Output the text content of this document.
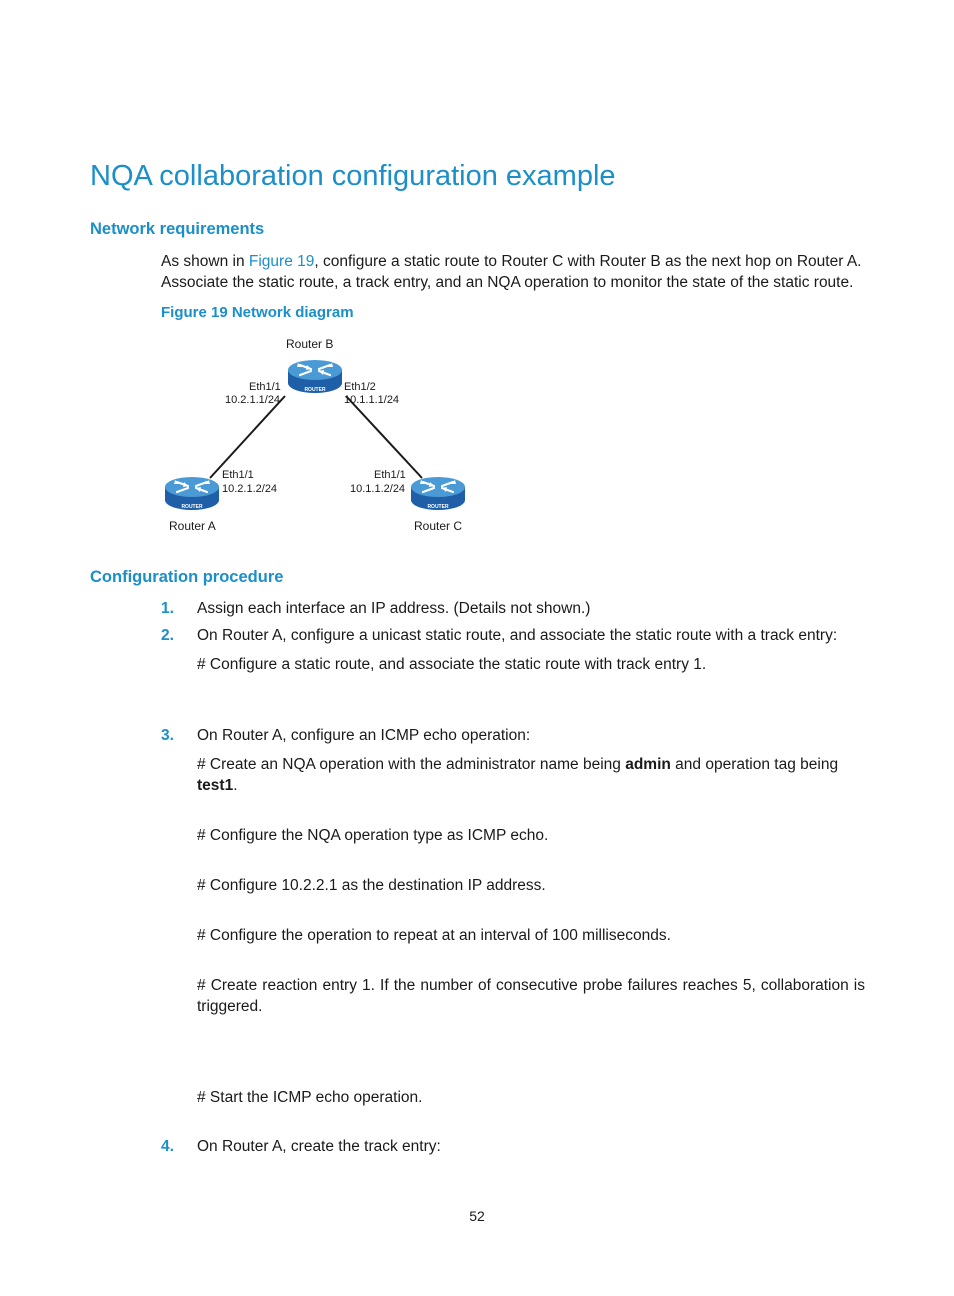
NQA collaboration configuration example
Network requirements
As shown in Figure 19, configure a static route to Router C with Router B as the next hop on Router A. Associate the static route, a track entry, and an NQA operation to monitor the state of the static route.
Figure 19 Network diagram
ROUTER
ROUTER	ROUTER
Router B
Eth1/1
10.2.1.1/24
Eth1/2
10.1.1.1/24
Eth1/1
10.2.1.2/24
Router A
Eth1/1
10.1.1.2/24
Router C
Configuration procedure
1. Assign each interface an IP address. (Details not shown.)
2. On Router A, configure a unicast static route, and associate the static route with a track entry:
# Configure a static route, and associate the static route with track entry 1.
3. On Router A, configure an ICMP echo operation:
# Create an NQA operation with the administrator name being admin and operation tag being
test1.
# Configure the NQA operation type as ICMP echo.
# Configure 10.2.2.1 as the destination IP address.
# Configure the operation to repeat at an interval of 100 milliseconds.
# Create reaction entry 1. If the number of consecutive probe failures reaches 5, collaboration is triggered.
# Start the ICMP echo operation.
4. On Router A, create the track entry:
52
